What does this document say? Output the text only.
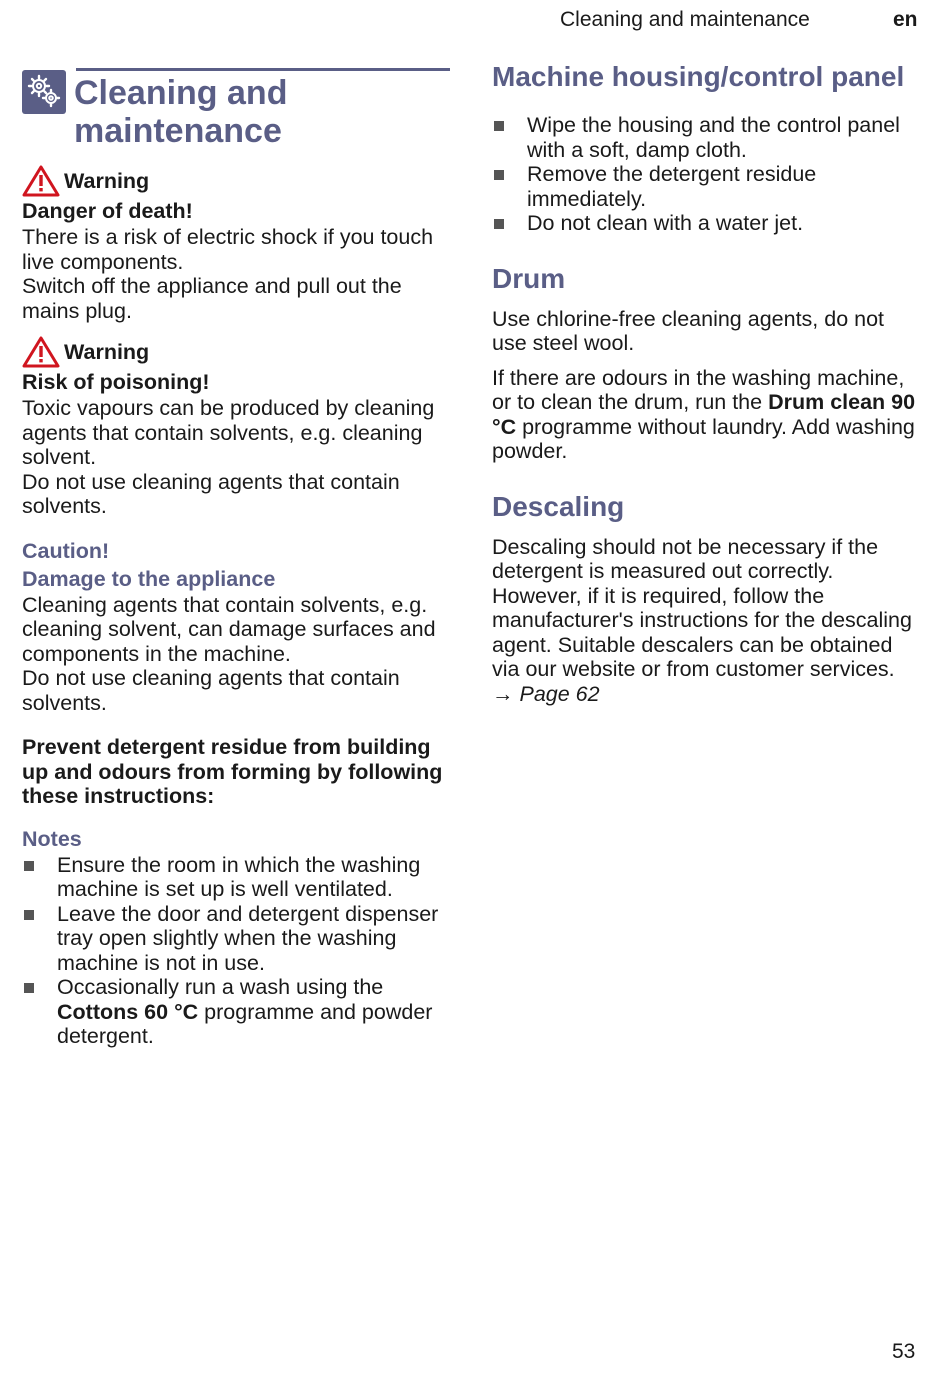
Cleaning and maintenance	en
Cleaning and maintenance
Warning

Danger of death!

There is a risk of electric shock if you touch live components.

Switch off the appliance and pull out the mains plug.

Warning

Risk of poisoning!

Toxic vapours can be produced by cleaning agents that contain solvents, e.g. cleaning solvent.

Do not use cleaning agents that contain solvents.

Caution!

Damage to the appliance

Cleaning agents that contain solvents, e.g. cleaning solvent, can damage surfaces and components in the machine.

Do not use cleaning agents that contain solvents.

Prevent detergent residue from building up and odours from forming by following these instructions:

Notes

Ensure the room in which the washing machine is set up is well ventilated.
Leave the door and detergent dispenser tray open slightly when the washing machine is not in use.
Occasionally run a wash using the Cottons 60 °C programme and powder detergent.
Machine housing/control panel
Wipe the housing and the control panel with a soft, damp cloth.
Remove the detergent residue immediately.
Do not clean with a water jet.
Drum

Use chlorine-free cleaning agents, do not use steel wool.

If there are odours in the washing machine, or to clean the drum, run the Drum clean 90 °C programme without laundry. Add washing powder.

Descaling

Descaling should not be necessary if the detergent is measured out correctly. However, if it is required, follow the manufacturer's instructions for the descaling agent. Suitable descalers can be obtained via our website or from customer services. → Page 62

53
